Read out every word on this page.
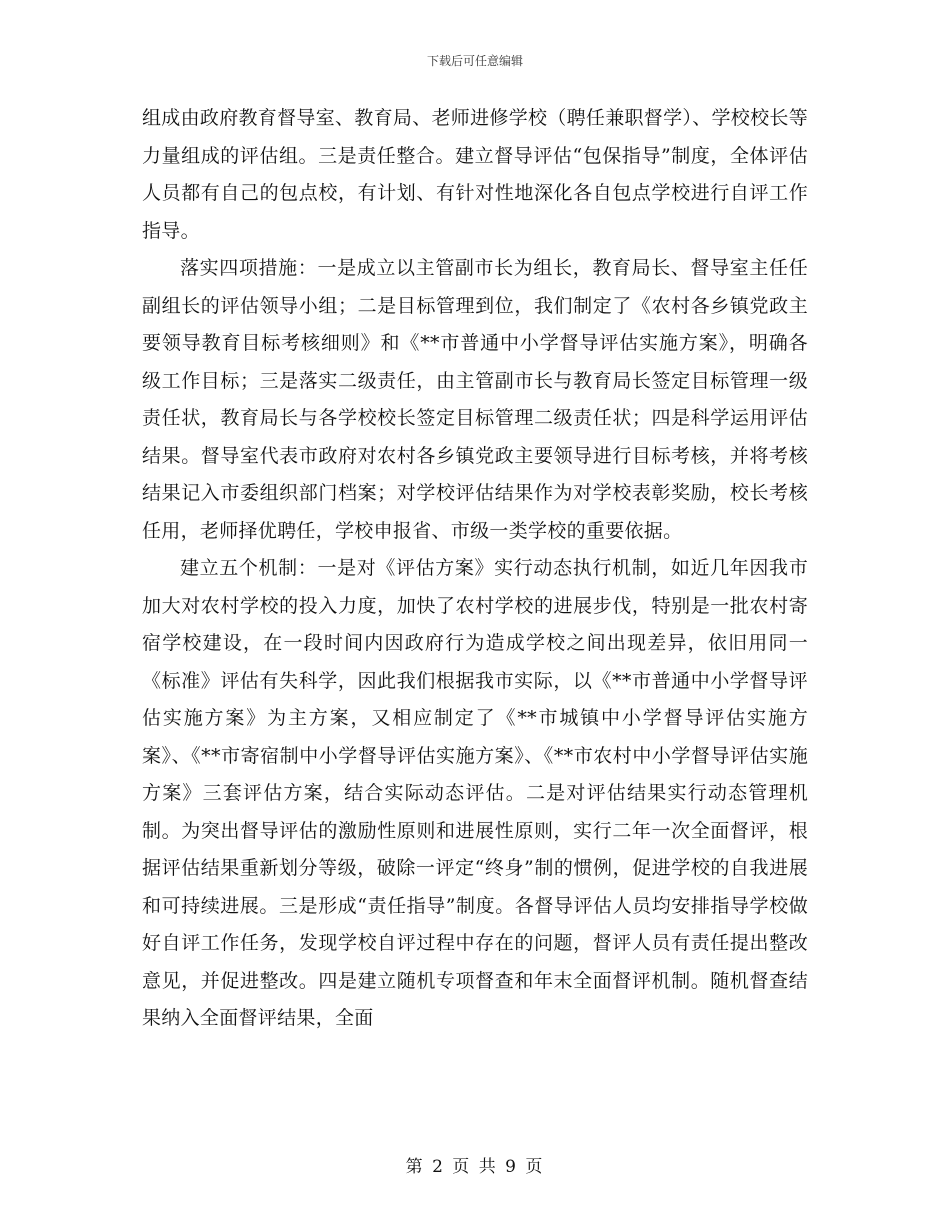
下载后可任意编辑

组成由政府教育督导室、教育局、老师进修学校（聘任兼职督学）、学校校长等力量组成的评估组。三是责任整合。建立督导评估“包保指导”制度，全体评估人员都有自己的包点校，有计划、有针对性地深化各自包点学校进行自评工作指导。

落实四项措施：一是成立以主管副市长为组长，教育局长、督导室主任任副组长的评估领导小组；二是目标管理到位，我们制定了《农村各乡镇党政主要领导教育目标考核细则》和《**市普通中小学督导评估实施方案》，明确各级工作目标；三是落实二级责任，由主管副市长与教育局长签定目标管理一级责任状，教育局长与各学校校长签定目标管理二级责任状；四是科学运用评估结果。督导室代表市政府对农村各乡镇党政主要领导进行目标考核，并将考核结果记入市委组织部门档案；对学校评估结果作为对学校表彰奖励，校长考核任用，老师择优聘任，学校申报省、市级一类学校的重要依据。

建立五个机制：一是对《评估方案》实行动态执行机制，如近几年因我市加大对农村学校的投入力度，加快了农村学校的进展步伐，特别是一批农村寄宿学校建设，在一段时间内因政府行为造成学校之间出现差异，依旧用同一《标准》评估有失科学，因此我们根据我市实际，以《**市普通中小学督导评估实施方案》为主方案，又相应制定了《**市城镇中小学督导评估实施方案》、《**市寄宿制中小学督导评估实施方案》、《**市农村中小学督导评估实施方案》三套评估方案，结合实际动态评估。二是对评估结果实行动态管理机制。为突出督导评估的激励性原则和进展性原则，实行二年一次全面督评，根据评估结果重新划分等级，破除一评定“终身”制的惯例，促进学校的自我进展和可持续进展。三是形成“责任指导”制度。各督导评估人员均安排指导学校做好自评工作任务，发现学校自评过程中存在的问题，督评人员有责任提出整改意见，并促进整改。四是建立随机专项督查和年末全面督评机制。随机督查结果纳入全面督评结果，全面

第 2 页 共 9 页
